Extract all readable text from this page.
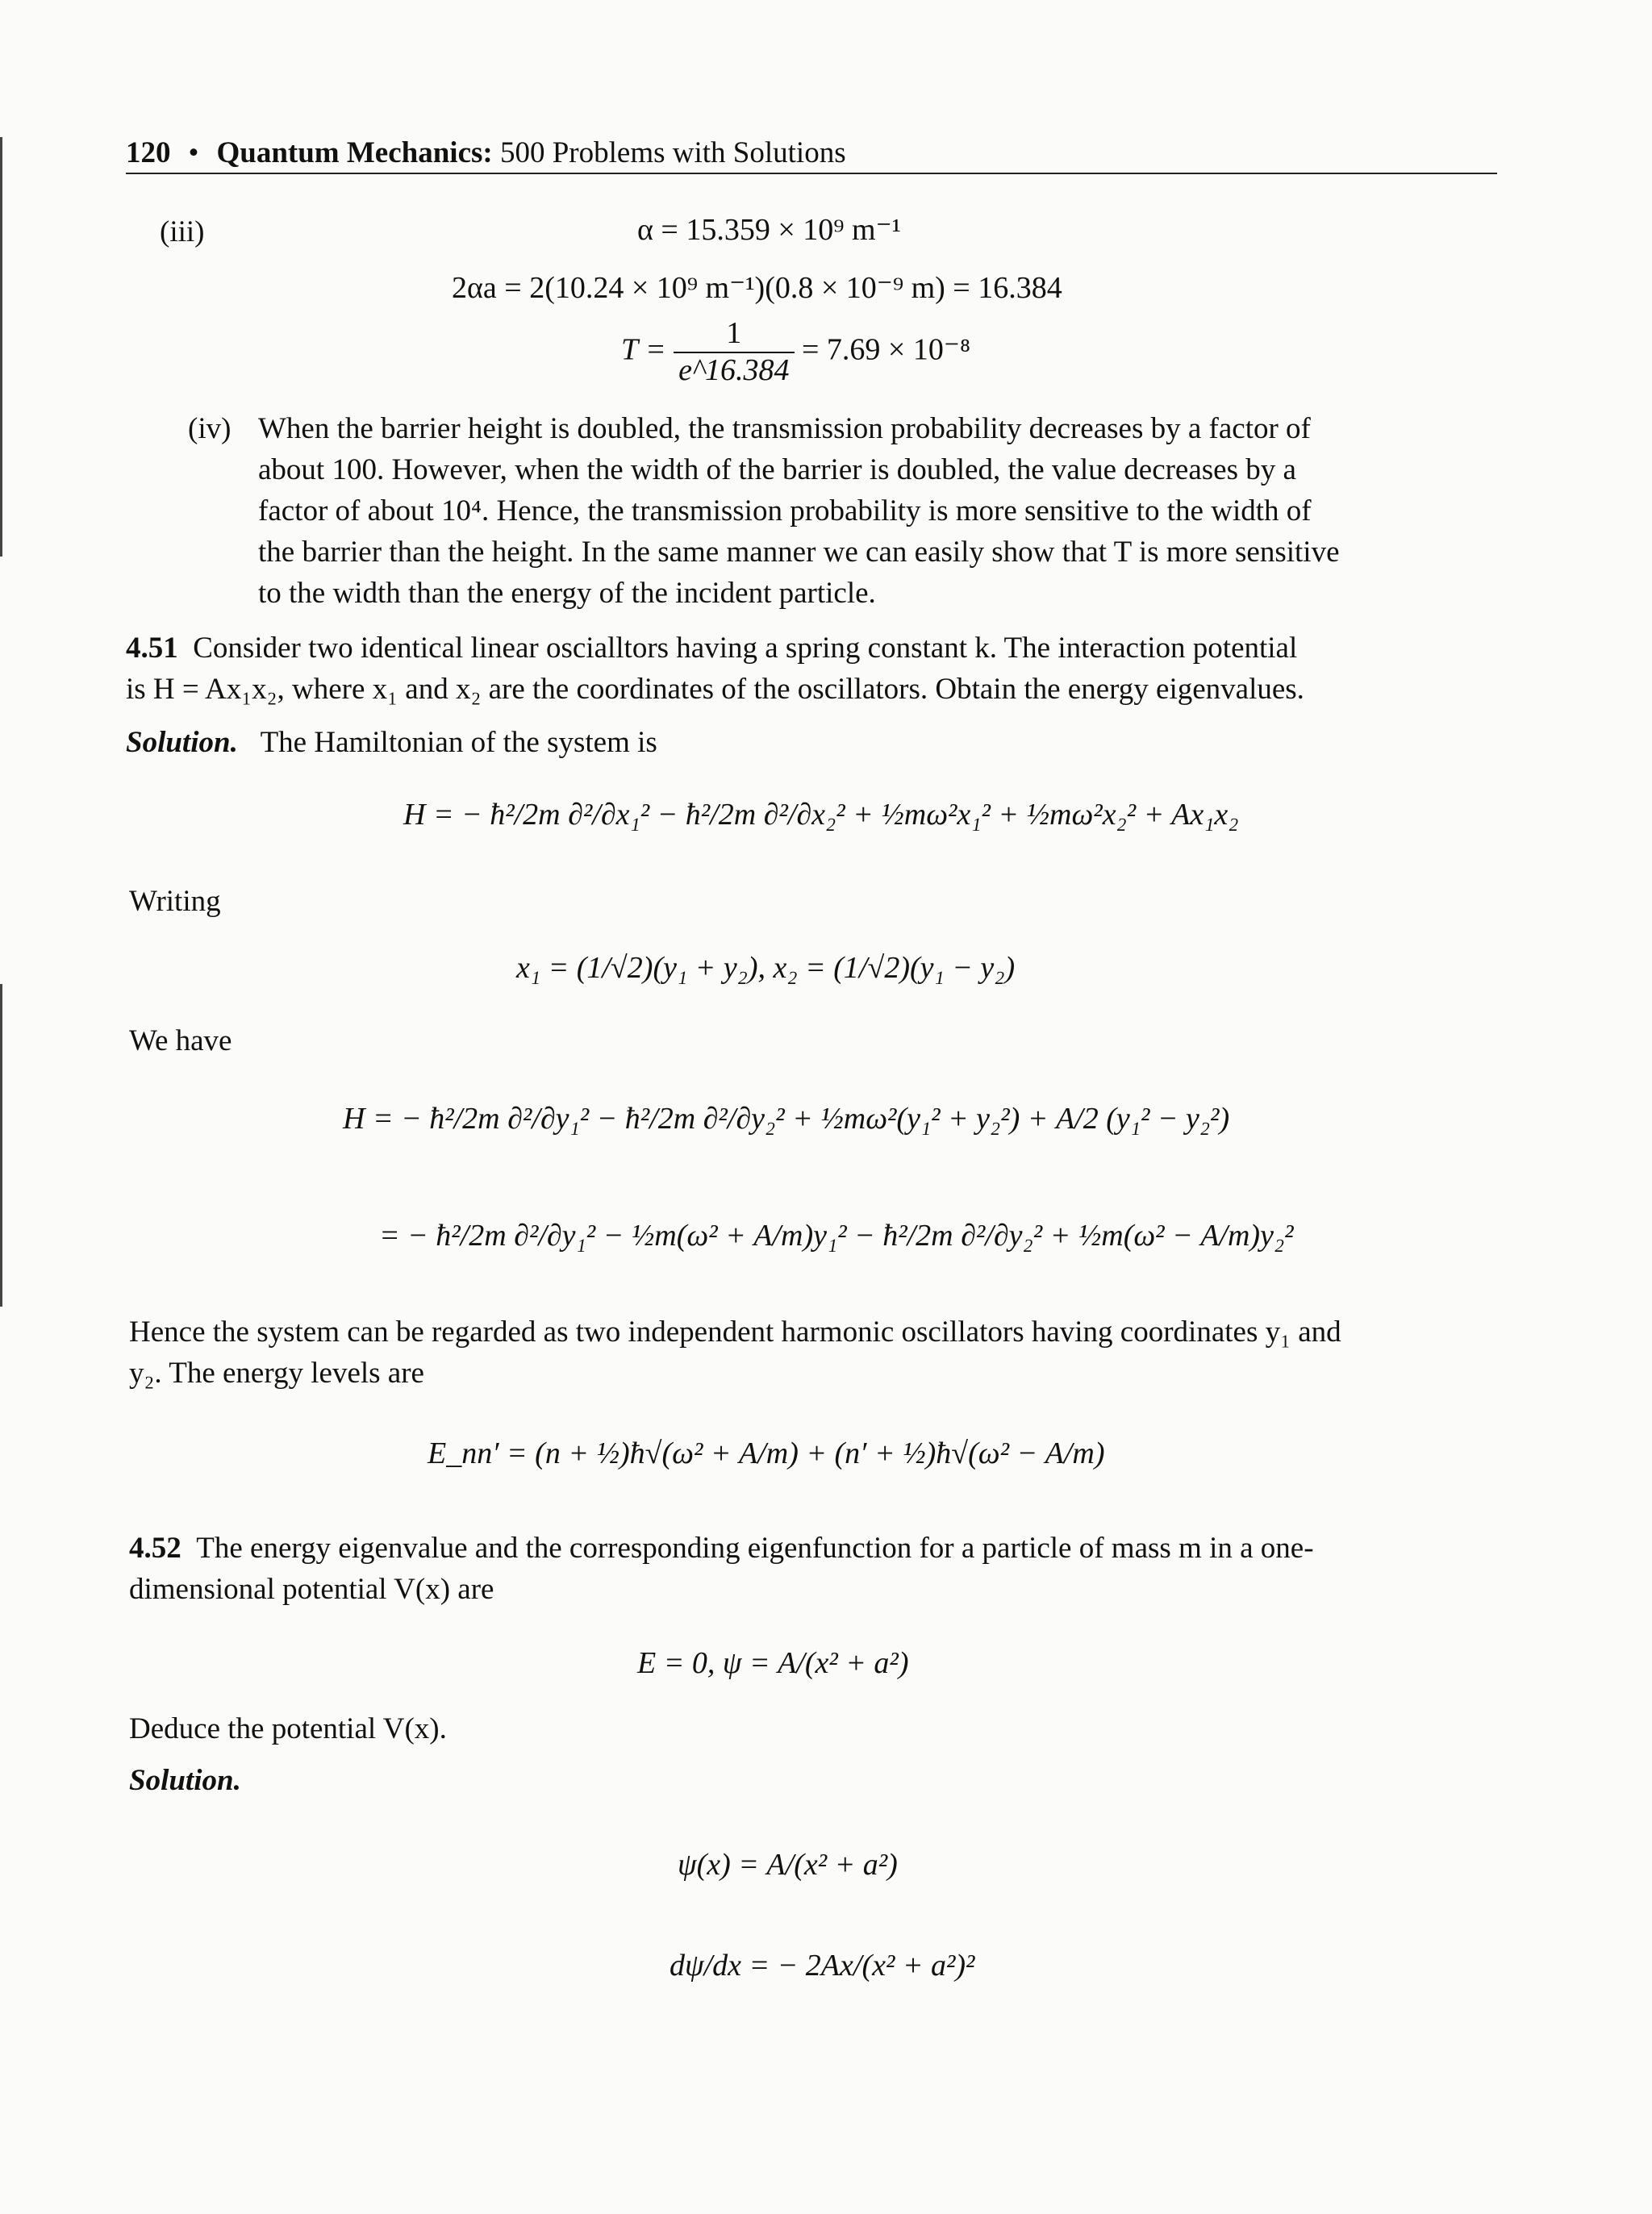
120 • Quantum Mechanics: 500 Problems with Solutions
(iii)	α = 15.359 × 10⁹ m⁻¹
2αa = 2(10.24 × 10⁹ m⁻¹)(0.8 × 10⁻⁹ m) = 16.384
$T = \frac{1}{e\^{}16.384} = 7.69 \times 10^{-8}$
(iv) When the barrier height is doubled, the transmission probability decreases by a factor of
about 100. However, when the width of the barrier is doubled, the value decreases by a
factor of about 10⁴. Hence, the transmission probability is more sensitive to the width of
the barrier than the height. In the same manner we can easily show that T is more sensitive
to the width than the energy of the incident particle.
4.51 Consider two identical linear oscialltors having a spring constant k. The interaction potential
is H = Ax₁x₂, where x₁ and x₂ are the coordinates of the oscillators. Obtain the energy eigenvalues.
Solution. The Hamiltonian of the system is
H = − ħ²/2m ∂²/∂x₁² − ħ²/2m ∂²/∂x₂² + ½mω²x₁² + ½mω²x₂² + Ax₁x₂
Writing
x₁ = (1/√2)(y₁ + y₂), x₂ = (1/√2)(y₁ − y₂)
We have
H = − ħ²/2m ∂²/∂y₁² − ħ²/2m ∂²/∂y₂² + ½mω²(y₁² + y₂²) + A/2 (y₁² − y₂²)
= − ħ²/2m ∂²/∂y₁² − ½m(ω² + A/m)y₁² − ħ²/2m ∂²/∂y₂² + ½m(ω² − A/m)y₂²
Hence the system can be regarded as two independent harmonic oscillators having coordinates y₁ and
y₂. The energy levels are
E_nn′ = (n + ½)ħ√(ω² + A/m) + (n′ + ½)ħ√(ω² − A/m)
4.52 The energy eigenvalue and the corresponding eigenfunction for a particle of mass m in a one-
dimensional potential V(x) are
E = 0, ψ = A/(x² + a²)
Deduce the potential V(x).
Solution.
ψ(x) = A/(x² + a²)
dψ/dx = − 2Ax/(x² + a²)²
